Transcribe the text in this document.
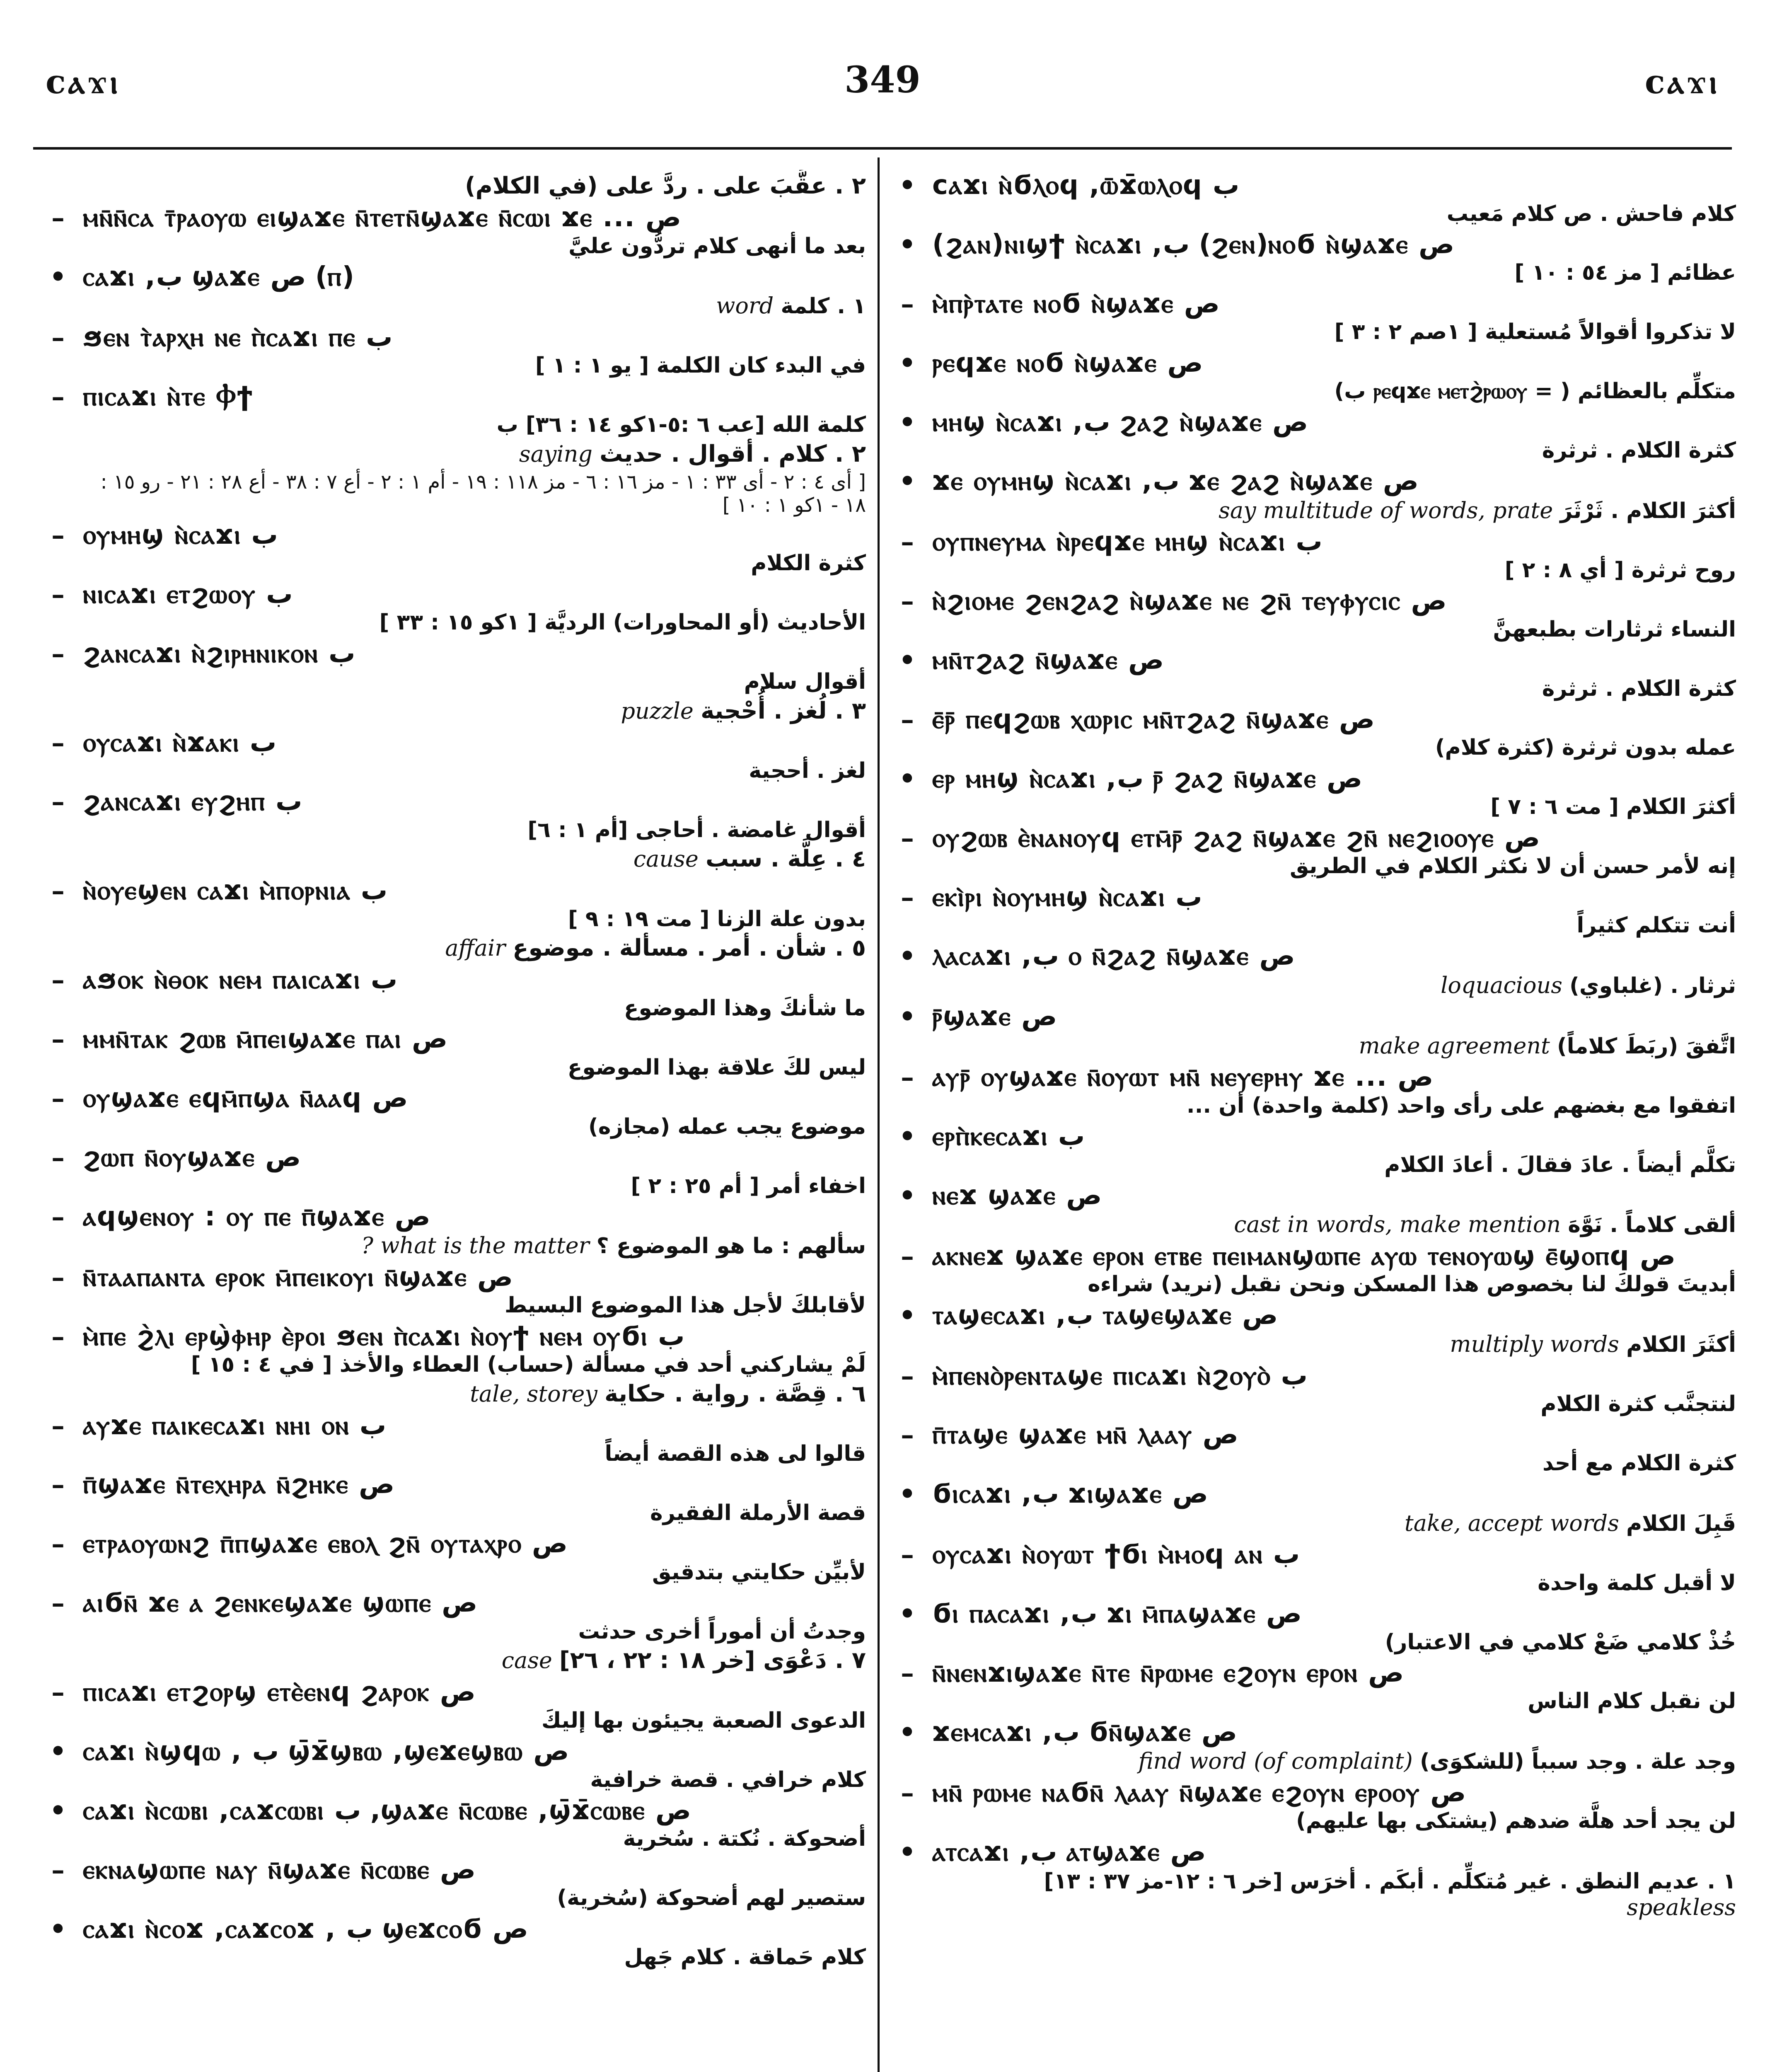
ϲⲁϫⲓ	349	ϲⲁϫⲓ
• ϲⲁϫⲓ ⲛ̀ϭⲗⲟϥ ,ⲱ̄ϫ̄ⲱⲗⲟϥ ب
كلام فاحش . ص كلام مَعيب
• (ϩⲁⲛ)ⲛⲓϣϯ ⲛ̀ⲥⲁϫⲓ ,ب (ϩⲉⲛ)ⲛⲟϭ ⲛ̀ϣⲁϫⲉ ص
عظائم [ مز ٥٤ : ١٠ ]
– ⲙ̀ⲡⲣ̀ⲧⲁⲧⲉ ⲛⲟϭ ⲛ̀ϣⲁϫⲉ ص
لا تذكروا أقوالاً مُستعلية [ ١صم ٢ : ٣ ]
• ⲣⲉϥϫⲉ ⲛⲟϭ ⲛ̀ϣⲁϫⲉ ص
متكلِّم بالعظائم ( = ⲣⲉϥϫⲉ ⲙⲉⲧϩ̀ⲣⲱⲟⲩ ب)
• ⲙⲏϣ ⲛ̀ⲥⲁϫⲓ ,ب ϩⲁϩ ⲛ̀ϣⲁϫⲉ ص
كثرة الكلام . ثرثرة
• ϫⲉ ⲟⲩⲙⲏϣ ⲛ̀ⲥⲁϫⲓ ,ب ϫⲉ ϩⲁϩ ⲛ̀ϣⲁϫⲉ ص
أكثرَ الكلام . ثَرْثَرَ say multitude of words, prate
– ⲟⲩⲡⲛⲉⲩⲙⲁ ⲛ̀ⲣⲉϥϫⲉ ⲙⲏϣ ⲛ̀ⲥⲁϫⲓ ب
روح ثرثرة [ أي ٨ : ٢ ]
– ⲛ̀ϩⲓⲟⲙⲉ ϩⲉⲛϩⲁϩ ⲛ̀ϣⲁϫⲉ ⲛⲉ ϩⲛ̄ ⲧⲉⲩⲫⲩⲥⲓⲥ ص
النساء ثرثارات بطبعهنَّ
• ⲙⲛ̄ⲧϩⲁϩ ⲛ̄ϣⲁϫⲉ ص
كثرة الكلام . ثرثرة
– ⲉ̄ⲣ̄ ⲡⲉϥϩⲱⲃ ⲭⲱⲣⲓⲥ ⲙⲛ̄ⲧϩⲁϩ ⲛ̄ϣⲁϫⲉ ص
عمله بدون ثرثرة (كثرة كلام)
• ⲉⲣ ⲙⲏϣ ⲛ̀ⲥⲁϫⲓ ,ب ⲣ̄ ϩⲁϩ ⲛ̄ϣⲁϫⲉ ص
أكثرَ الكلام [ مت ٦ : ٧ ]
– ⲟⲩϩⲱⲃ ⲉ̀ⲛⲁⲛⲟⲩϥ ⲉⲧⲙ̄ⲣ̄ ϩⲁϩ ⲛ̄ϣⲁϫⲉ ϩⲛ̄ ⲛⲉϩⲓⲟⲟⲩⲉ ص
إنه لأمر حسن أن لا نكثر الكلام في الطريق
– ⲉⲕⲓ̀ⲣⲓ ⲛ̀ⲟⲩⲙⲏϣ ⲛ̀ⲥⲁϫⲓ ب
أنت تتكلم كثيراً
• ⲗⲁⲥⲁϫⲓ ,ب ⲟ ⲛ̄ϩⲁϩ ⲛ̄ϣⲁϫⲉ ص
ثرثار . (غلباوي) loquacious
• ⲣ̄ϣⲁϫⲉ ص
اتَّفقَ (ربَطَ كلاماً) make agreement
– ⲁⲩⲣ̄ ⲟⲩϣⲁϫⲉ ⲛ̄ⲟⲩⲱⲧ ⲙⲛ̄ ⲛⲉⲩⲉⲣⲏⲩ ϫⲉ ... ص
اتفقوا مع بغضهم على رأى واحد (كلمة واحدة) أن ...
• ⲉⲣⲡ̀ⲕⲉⲥⲁϫⲓ ب
تكلَّم أيضاً . عادَ فقالَ . أعادَ الكلام
• ⲛⲉϫ ϣⲁϫⲉ ص
ألقى كلاماً . نَوَّهَ cast in words, make mention
– ⲁⲕⲛⲉϫ ϣⲁϫⲉ ⲉⲣⲟⲛ ⲉⲧⲃⲉ ⲡⲉⲓⲙⲁⲛϣⲱⲡⲉ ⲁⲩⲱ ⲧⲉⲛⲟⲩⲱϣ ⲉ̄ϣⲟⲡϥ ص
أبديتَ قولكَ لنا بخصوص هذا المسكن ونحن نقبل (نريد) شراءه
• ⲧⲁϣⲉⲥⲁϫⲓ ,ب ⲧⲁϣⲉϣⲁϫⲉ ص
أكثَرَ الكلام multiply words
– ⲙ̀ⲡⲉⲛⲟ̀ⲣⲉⲛⲧⲁϣⲉ ⲡⲓⲥⲁϫⲓ ⲛ̀ϩⲟⲩⲟ̀ ب
لنتجنَّب كثرة الكلام
– ⲡ̄ⲧⲁϣⲉ ϣⲁϫⲉ ⲙⲛ̄ ⲗⲁⲁⲩ ص
كثرة الكلام مع أحد
• ϭⲓⲥⲁϫⲓ ,ب ϫⲓϣⲁϫⲉ ص
قَبِلَ الكلام take, accept words
– ⲟⲩⲥⲁϫⲓ ⲛ̀ⲟⲩⲱⲧ ϯϭⲓ ⲙ̀ⲙⲟϥ ⲁⲛ ب
لا أقبل كلمة واحدة
• ϭⲓ ⲡⲁⲥⲁϫⲓ ,ب ϫⲓ ⲙ̄ⲡⲁϣⲁϫⲉ ص
خُذْ كلامي ضَعْ كلامي في الاعتبار)
– ⲛ̄ⲛⲉⲛϫⲓϣⲁϫⲉ ⲛ̄ⲧⲉ ⲛ̄ⲣⲱⲙⲉ ⲉϩⲟⲩⲛ ⲉⲣⲟⲛ ص
لن نقبل كلام الناس
• ϫⲉⲙⲥⲁϫⲓ ,ب ϭⲛ̄ϣⲁϫⲉ ص
وجد علة . وجد سبباً (للشكوَى) find word (of complaint)
– ⲙⲛ̄ ⲣⲱⲙⲉ ⲛⲁϭⲛ̄ ⲗⲁⲁⲩ ⲛ̄ϣⲁϫⲉ ⲉϩⲟⲩⲛ ⲉⲣⲟⲟⲩ ص
لن يجد أحد هلَّة ضدهم (يشتكى بها عليهم)
• ⲁⲧⲥⲁϫⲓ ,ب ⲁⲧϣⲁϫⲉ ص
١ . عديم النطق . غير مُتكلِّم . أبكَم . أخرَس [خر ٦ : ١٢-مز ٣٧ : ١٣] speakless
٢ . عقَّبَ على . ردَّ على (في الكلام)
– ⲙⲛ̄ⲛ̄ⲥⲁ ⲧ̄ⲣⲁⲟⲩⲱ ⲉⲓϣⲁϫⲉ ⲛ̄ⲧⲉⲧⲛ̄ϣⲁϫⲉ ⲛ̄ⲥⲱⲓ ϫⲉ ... ص
بعد ما أنهى كلام تردُّون عليَّ
• ⲥⲁϫⲓ ,ب ϣⲁϫⲉ ص (ⲡ)
١ . كلمة word
– ϧⲉⲛ ⲧ̀ⲁⲣⲭⲏ ⲛⲉ ⲡ̀ⲥⲁϫⲓ ⲡⲉ ب
في البدء كان الكلمة [ يو ١ : ١ ]
– ⲡⲓⲥⲁϫⲓ ⲛ̀ⲧⲉ Ⲫϯ
كلمة الله [عب ٦ :٥-١كو ١٤ : ٣٦] ب
٢ . كلام . أقوال . حديث saying
[ أى ٤ : ٢ - أى ٣٣ : ١ - مز ١٦ : ٦ - مز ١١٨ : ١٩ - أم ١ : ٢ - أع ٧ : ٣٨ - أع ٢٨ : ٢١ - رو ١٥ : ١٨ - ١كو ١ : ١٠ ]
– ⲟⲩⲙⲏϣ ⲛ̀ⲥⲁϫⲓ ب
كثرة الكلام
– ⲛⲓⲥⲁϫⲓ ⲉⲧϩⲱⲟⲩ ب
الأحاديث (أو المحاورات) الرديَّة [ ١كو ١٥ : ٣٣ ]
– ϩⲁⲛⲥⲁϫⲓ ⲛ̀ϩⲓⲣⲏⲛⲓⲕⲟⲛ ب
أقوال سلام
٣ . لُغز . أُحْجية puzzle
– ⲟⲩⲥⲁϫⲓ ⲛ̀ϫⲁⲕⲓ ب
لغز . أحجية
– ϩⲁⲛⲥⲁϫⲓ ⲉⲩϩⲏⲡ ب
أقوال غامضة . أحاجى [أم ١ : ٦]
٤ . عِلَّة . سبب cause
– ⲛ̀ⲟⲩⲉϣⲉⲛ ⲥⲁϫⲓ ⲙ̀ⲡⲟⲣⲛⲓⲁ ب
بدون علة الزنا [ مت ١٩ : ٩ ]
٥ . شأن . أمر . مسألة . موضوع affair
– ⲁϧⲟⲕ ⲛ̀ⲑⲟⲕ ⲛⲉⲙ ⲡⲁⲓⲥⲁϫⲓ ب
ما شأنكَ وهذا الموضوع
– ⲙⲙⲛ̄ⲧⲁⲕ ϩⲱⲃ ⲙ̄ⲡⲉⲓϣⲁϫⲉ ⲡⲁⲓ ص
ليس لكَ علاقة بهذا الموضوع
– ⲟⲩϣⲁϫⲉ ⲉϥⲙ̄ⲡϣⲁ ⲛ̄ⲁⲁϥ ص
موضوع يجب عمله (مجازه)
– ϩⲱⲡ ⲛ̄ⲟⲩϣⲁϫⲉ ص
اخفاء أمر [ أم ٢٥ : ٢ ]
– ⲁϥϣⲉⲛⲟⲩ : ⲟⲩ ⲡⲉ ⲡ̄ϣⲁϫⲉ ص
سألهم : ما هو الموضوع ؟ what is the matter ?
– ⲛ̄ⲧⲁⲁⲡⲁⲛⲧⲁ ⲉⲣⲟⲕ ⲙ̄ⲡⲉⲓⲕⲟⲩⲓ ⲛ̄ϣⲁϫⲉ ص
لأقابلكَ لأجل هذا الموضوع البسيط
– ⲙ̀ⲡⲉ ϩ̀ⲗⲓ ⲉⲣϣ̀ⲫⲏⲣ ⲉ̀ⲣⲟⲓ ϧⲉⲛ ⲡ̀ⲥⲁϫⲓ ⲛ̀ⲟⲩϯ ⲛⲉⲙ ⲟⲩϭⲓ ب
لَمْ يشاركني أحد في مسألة (حساب) العطاء والأخذ [ في ٤ : ١٥ ]
٦ . قِصَّة . رواية . حكاية tale, storey
– ⲁⲩϫⲉ ⲡⲁⲓⲕⲉⲥⲁϫⲓ ⲛⲏⲓ ⲟⲛ ب
قالوا لى هذه القصة أيضاً
– ⲡ̄ϣⲁϫⲉ ⲛ̄ⲧⲉⲭⲏⲣⲁ ⲛ̄ϩⲏⲕⲉ ص
قصة الأرملة الفقيرة
– ⲉⲧⲣⲁⲟⲩⲱⲛϩ ⲡ̄ⲡϣⲁϫⲉ ⲉⲃⲟⲗ ϩⲛ̄ ⲟⲩⲧⲁⲭⲣⲟ ص
لأبيِّن حكايتي بتدقيق
– ⲁⲓϭⲛ̄ ϫⲉ ⲁ ϩⲉⲛⲕⲉϣⲁϫⲉ ϣⲱⲡⲉ ص
وجدتُ أن أموراً أخرى حدثت
٧ . دَعْوَى [خر ١٨ : ٢٢ ، ٢٦] case
– ⲡⲓⲥⲁϫⲓ ⲉⲧϩⲟⲣϣ ⲉⲧⲉ̀ⲉⲛϥ ϩⲁⲣⲟⲕ ص
الدعوى الصعبة يجيئون بها إليكَ
• ⲥⲁϫⲓ ⲛ̀ϣϥⲱ , ب ϣ̄ϫ̄ϣⲃⲱ ,ϣⲉϫⲉϣⲃⲱ ص
كلام خرافي . قصة خرافية
• ⲥⲁϫⲓ ⲛ̀ⲥⲱⲃⲓ ,ⲥⲁϫⲥⲱⲃⲓ ب ,ϣⲁϫⲉ ⲛ̄ⲥⲱⲃⲉ ,ϣ̄ϫ̄ⲥⲱⲃⲉ ص
أضحوكة . نُكتة . سُخرية
– ⲉⲕⲛⲁϣⲱⲡⲉ ⲛⲁⲩ ⲛ̄ϣⲁϫⲉ ⲛ̄ⲥⲱⲃⲉ ص
ستصير لهم أضحوكة (سُخرية)
• ⲥⲁϫⲓ ⲛ̀ⲥⲟϫ ,ⲥⲁϫⲥⲟϫ , ب ϣⲉϫⲥⲟϭ ص
كلام حَماقة . كلام جَهل
